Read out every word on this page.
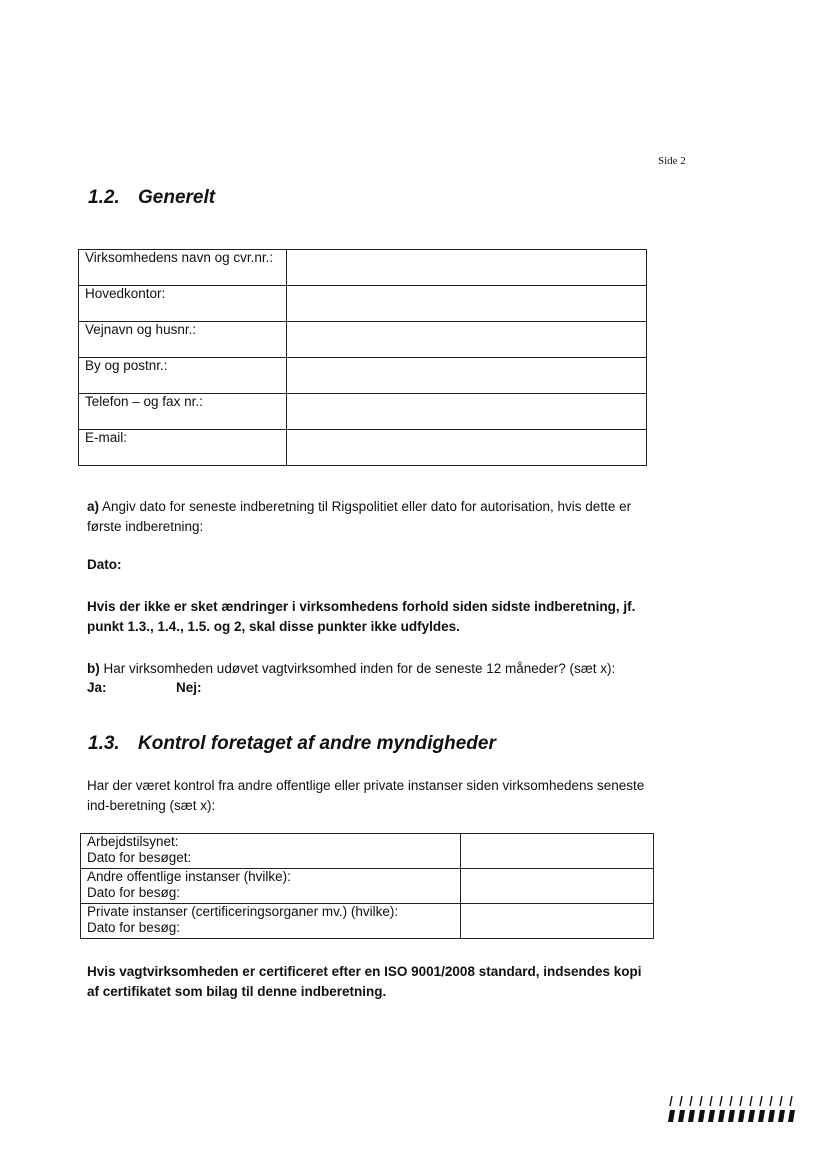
Side 2
1.2. Generelt
Virksomhedens navn og cvr.nr.:	
Hovedkontor:	
Vejnavn og husnr.:	
By og postnr.:	
Telefon – og fax nr.:	
E-mail:	
a) Angiv dato for seneste indberetning til Rigspolitiet eller dato for autorisation, hvis dette er første indberetning:
Dato:
Hvis der ikke er sket ændringer i virksomhedens forhold siden sidste indberetning, jf. punkt 1.3., 1.4., 1.5. og 2, skal disse punkter ikke udfyldes.
b) Har virksomheden udøvet vagtvirksomhed inden for de seneste 12 måneder? (sæt x):
Ja:	Nej:
1.3. Kontrol foretaget af andre myndigheder
Har der været kontrol fra andre offentlige eller private instanser siden virksomhedens seneste ind-beretning (sæt x):
Arbejdstilsynet:
Dato for besøget:	

Andre offentlige instanser (hvilke):
Dato for besøg:	

Private instanser (certificeringsorganer mv.) (hvilke):
Dato for besøg:	

Hvis vagtvirksomheden er certificeret efter en ISO 9001/2008 standard, indsendes kopi af certifikatet som bilag til denne indberetning.
